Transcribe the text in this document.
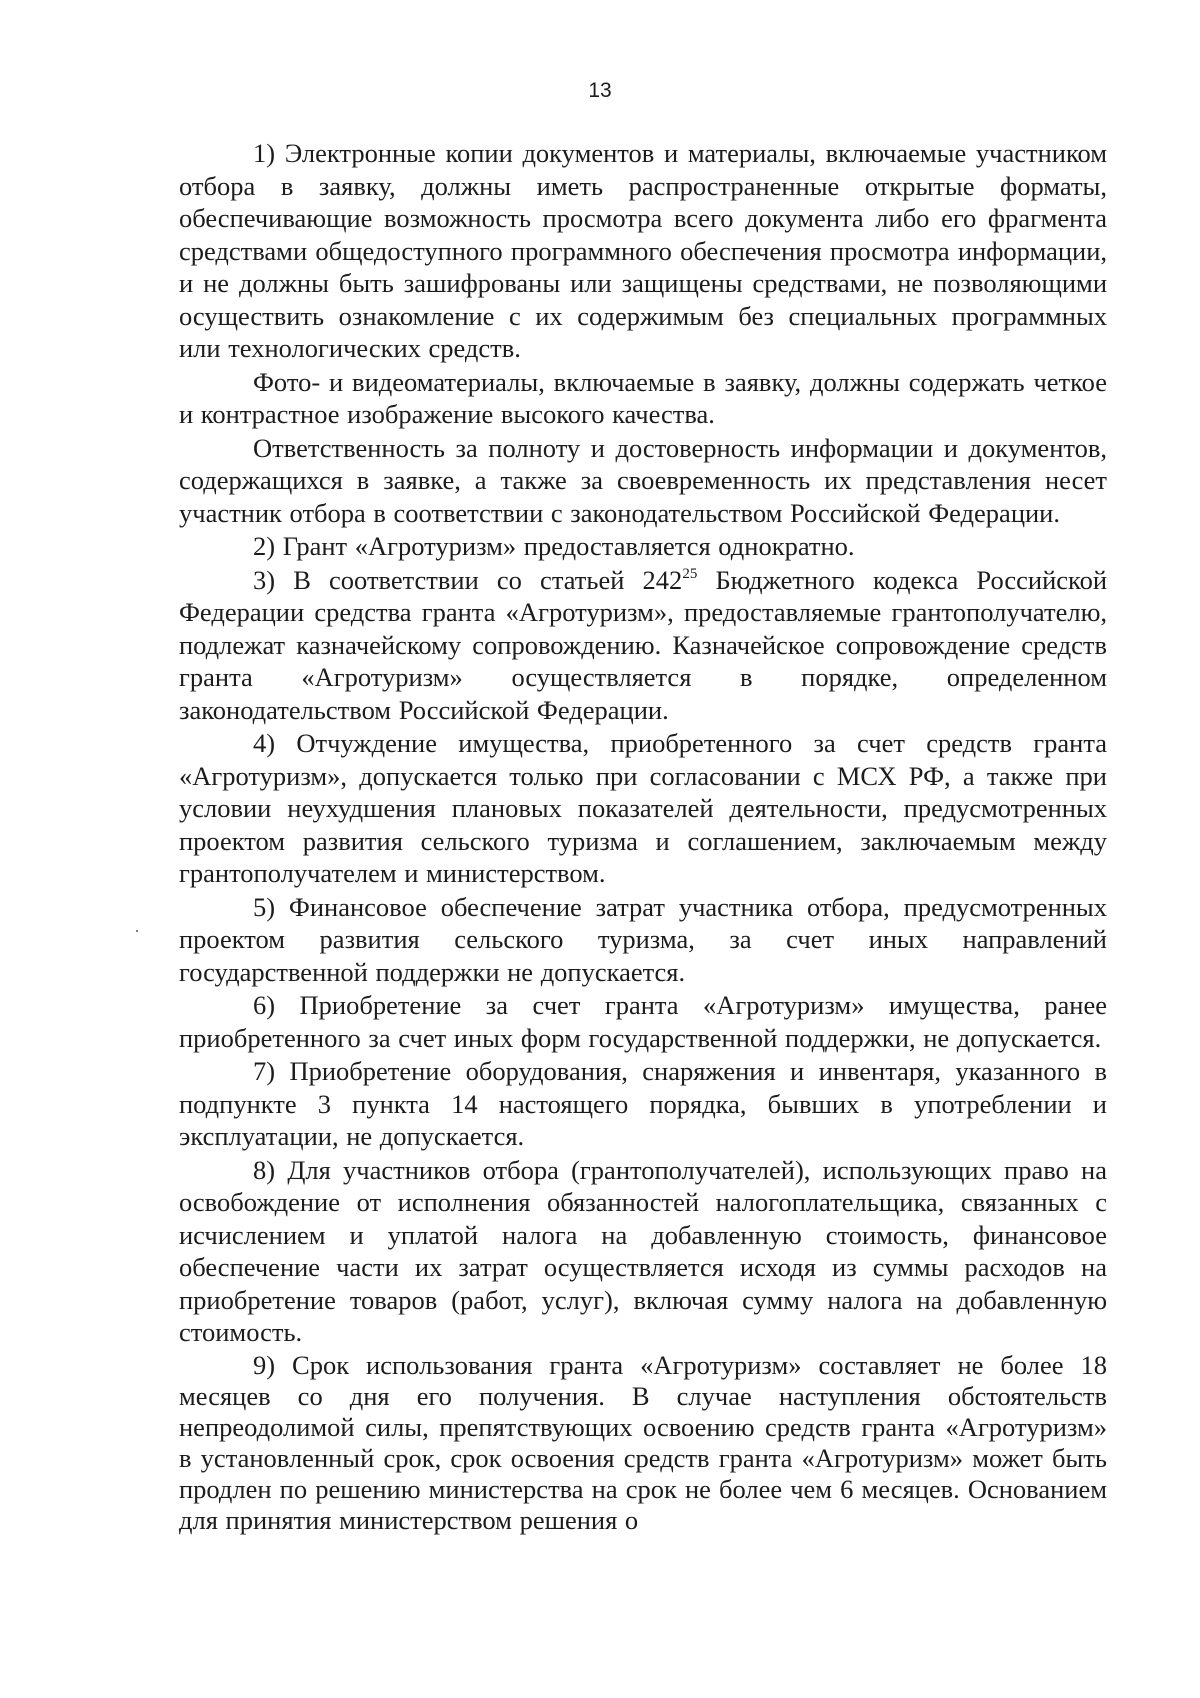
13

1) Электронные копии документов и материалы, включаемые участником отбора в заявку, должны иметь распространенные открытые форматы, обеспечивающие возможность просмотра всего документа либо его фрагмента средствами общедоступного программного обеспечения просмотра информации, и не должны быть зашифрованы или защищены средствами, не позволяющими осуществить ознакомление с их содержимым без специальных программных или технологических средств.

Фото- и видеоматериалы, включаемые в заявку, должны содержать четкое и контрастное изображение высокого качества.

Ответственность за полноту и достоверность информации и документов, содержащихся в заявке, а также за своевременность их представления несет участник отбора в соответствии с законодательством Российской Федерации.

2) Грант «Агротуризм» предоставляется однократно.

3) В соответствии со статьей $242^{25}$ Бюджетного кодекса Российской Федерации средства гранта «Агротуризм», предоставляемые грантополучателю, подлежат казначейскому сопровождению. Казначейское сопровождение средств гранта «Агротуризм» осуществляется в порядке, определенном законодательством Российской Федерации.

4) Отчуждение имущества, приобретенного за счет средств гранта «Агротуризм», допускается только при согласовании с МСХ РФ, а также при условии неухудшения плановых показателей деятельности, предусмотренных проектом развития сельского туризма и соглашением, заключаемым между грантополучателем и министерством.

5) Финансовое обеспечение затрат участника отбора, предусмотренных проектом развития сельского туризма, за счет иных направлений государственной поддержки не допускается.

6) Приобретение за счет гранта «Агротуризм» имущества, ранее приобретенного за счет иных форм государственной поддержки, не допускается.

7) Приобретение оборудования, снаряжения и инвентаря, указанного в подпункте 3 пункта 14 настоящего порядка, бывших в употреблении и эксплуатации, не допускается.

8) Для участников отбора (грантополучателей), использующих право на освобождение от исполнения обязанностей налогоплательщика, связанных с исчислением и уплатой налога на добавленную стоимость, финансовое обеспечение части их затрат осуществляется исходя из суммы расходов на приобретение товаров (работ, услуг), включая сумму налога на добавленную стоимость.

9) Срок использования гранта «Агротуризм» составляет не более 18 месяцев со дня его получения. В случае наступления обстоятельств непреодолимой силы, препятствующих освоению средств гранта «Агротуризм» в установленный срок, срок освоения средств гранта «Агротуризм» может быть продлен по решению министерства на срок не более чем 6 месяцев. Основанием для принятия министерством решения о
